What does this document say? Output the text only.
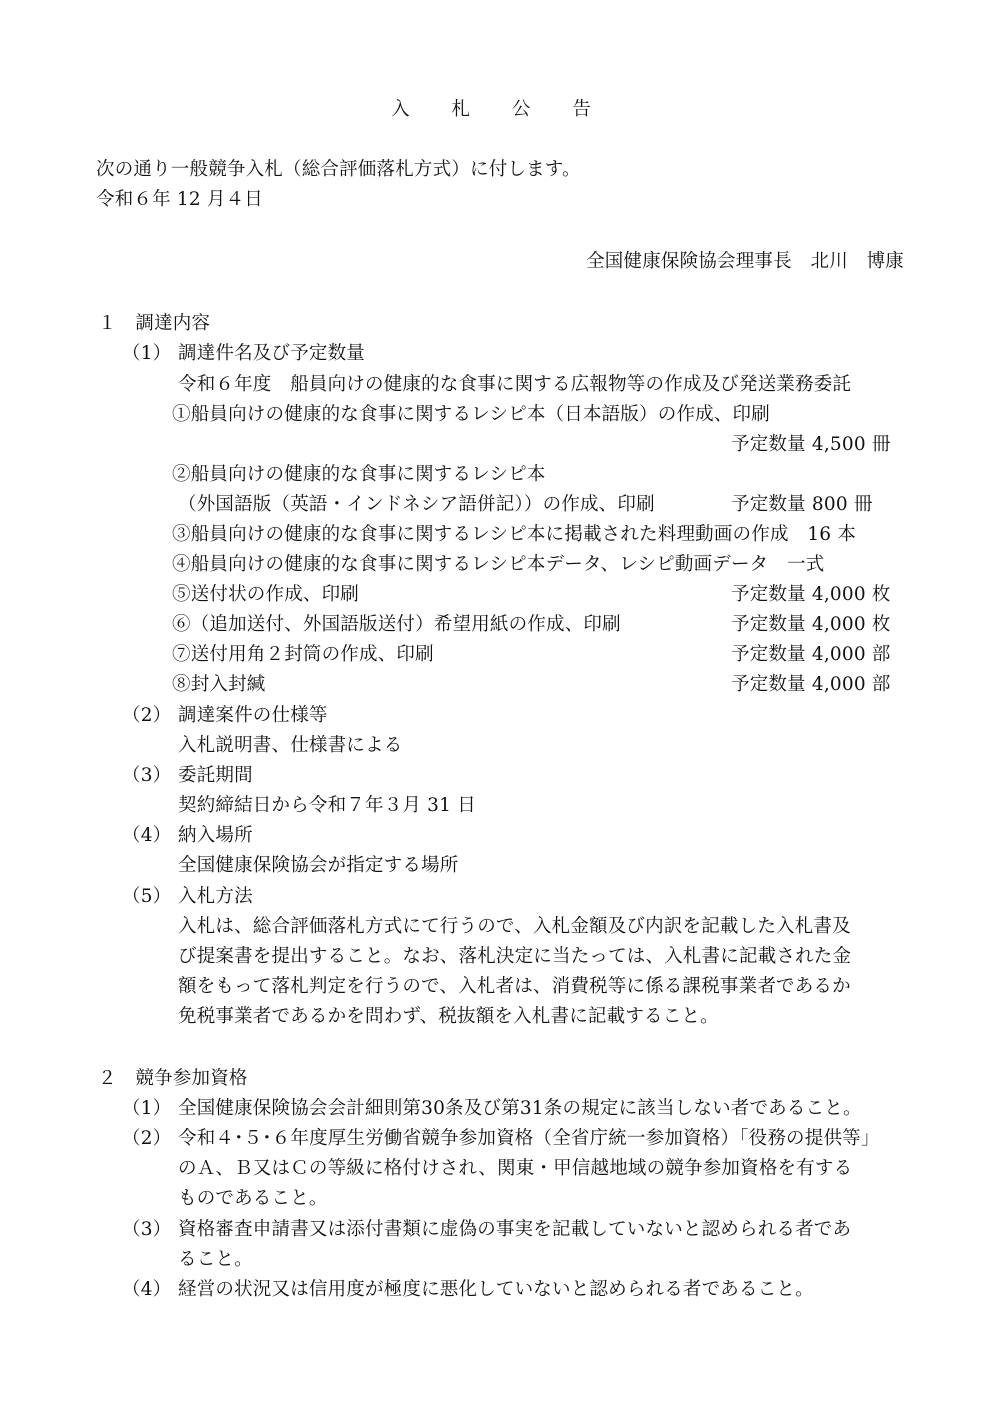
入 札 公 告
次の通り一般競争入札（総合評価落札方式）に付します。
令和６年 12 月４日
全国健康保険協会理事長　北川　博康
１　調達内容
（1） 調達件名及び予定数量
令和６年度　船員向けの健康的な食事に関する広報物等の作成及び発送業務委託
①船員向けの健康的な食事に関するレシピ本（日本語版）の作成、印刷
予定数量 4,500 冊
②船員向けの健康的な食事に関するレシピ本
（外国語版（英語・インドネシア語併記））の作成、印刷	予定数量 800 冊
③船員向けの健康的な食事に関するレシピ本に掲載された料理動画の作成　16 本
④船員向けの健康的な食事に関するレシピ本データ、レシピ動画データ　一式
⑤送付状の作成、印刷	予定数量 4,000 枚
⑥（追加送付、外国語版送付）希望用紙の作成、印刷	予定数量 4,000 枚
⑦送付用角２封筒の作成、印刷	予定数量 4,000 部
⑧封入封緘	予定数量 4,000 部
（2） 調達案件の仕様等
入札説明書、仕様書による
（3） 委託期間
契約締結日から令和７年３月 31 日
（4） 納入場所
全国健康保険協会が指定する場所
（5） 入札方法
入札は、総合評価落札方式にて行うので、入札金額及び内訳を記載した入札書及
び提案書を提出すること。なお、落札決定に当たっては、入札書に記載された金
額をもって落札判定を行うので、入札者は、消費税等に係る課税事業者であるか
免税事業者であるかを問わず、税抜額を入札書に記載すること。
２　競争参加資格
（1） 全国健康保険協会会計細則第30条及び第31条の規定に該当しない者であること。
（2） 令和４･５･６年度厚生労働省競争参加資格（全省庁統一参加資格）「役務の提供等」
のＡ、Ｂ又はＣの等級に格付けされ、関東・甲信越地域の競争参加資格を有する
ものであること。
（3） 資格審査申請書又は添付書類に虚偽の事実を記載していないと認められる者であ
ること。
（4） 経営の状況又は信用度が極度に悪化していないと認められる者であること。
